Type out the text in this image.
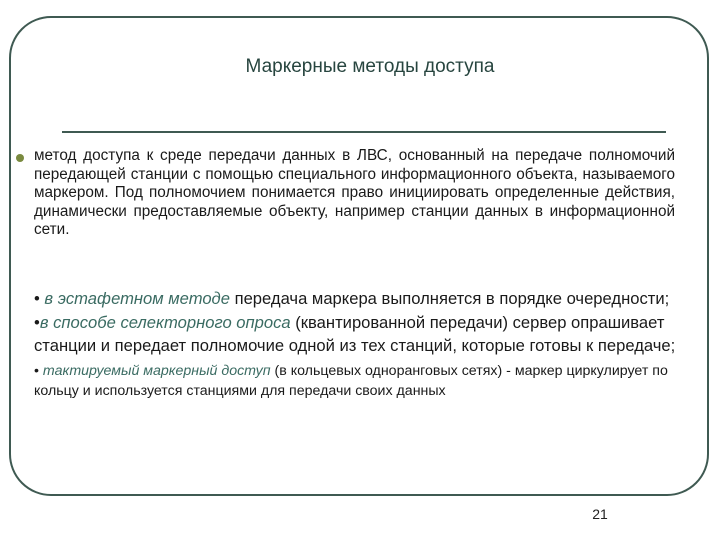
Маркерные методы доступа

метод доступа к среде передачи данных в ЛВС, основанный на передаче полномочий передающей станции с помощью специального информационного объекта, называемого маркером. Под полномочием понимается право инициировать определенные действия, динамически предоставляемые объекту, например станции данных в информационной сети.

• в эстафетном методе передача маркера выполняется в порядке очередности;

•в способе селекторного опроса (квантированной передачи) сервер опрашивает станции и передает полномочие одной из тех станций, которые готовы к передаче;

• тактируемый маркерный доступ (в кольцевых одноранговых сетях) - маркер циркулирует по кольцу и используется станциями для передачи своих данных

21
